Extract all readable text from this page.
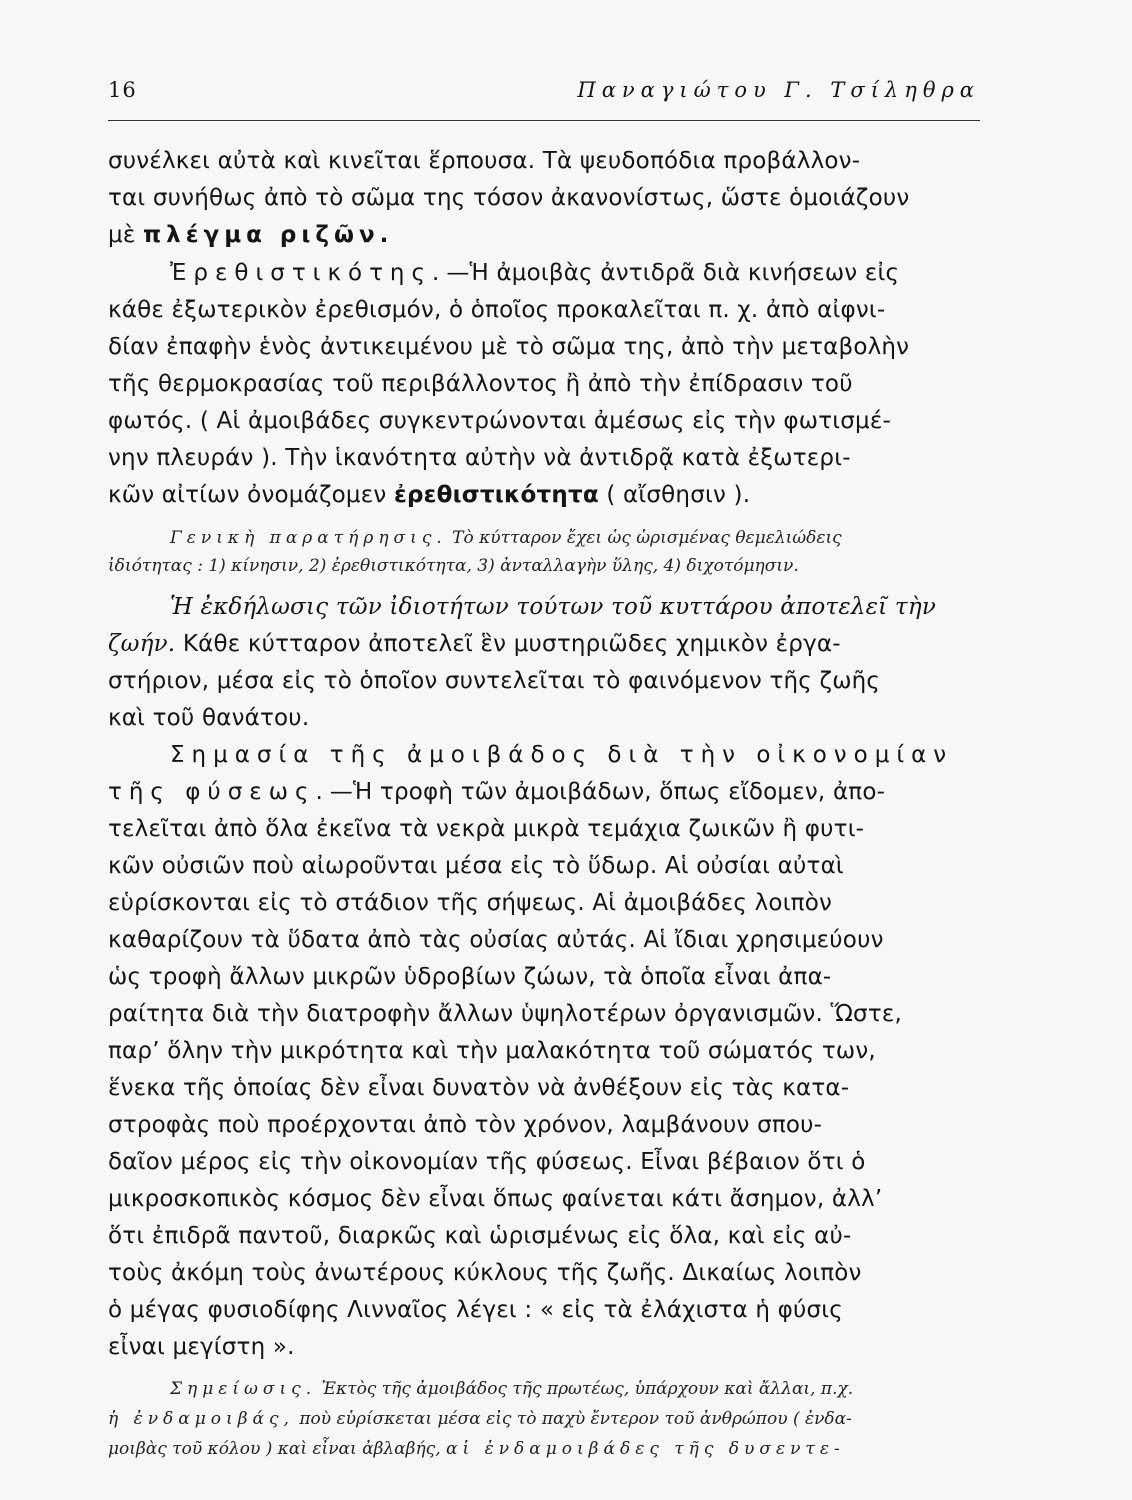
16	Παναγιώτου Γ. Τσίληθρα
συνέλκει αὐτὰ καὶ κινεῖται ἕρπουσα. Τὰ ψευδοπόδια προβάλλον-
ται συνήθως ἀπὸ τὸ σῶμα της τόσον ἀκανονίστως, ὥστε ὁμοιάζουν
μὲ πλέγμα ριζῶν.
Ἐρεθιστικότης.—Ἡ ἀμοιβὰς ἀντιδρᾶ διὰ κινήσεων εἰς
κάθε ἐξωτερικὸν ἐρεθισμόν, ὁ ὁποῖος προκαλεῖται π. χ. ἀπὸ αἰφνι-
δίαν ἐπαφὴν ἑνὸς ἀντικειμένου μὲ τὸ σῶμα της, ἀπὸ τὴν μεταβολὴν
τῆς θερμοκρασίας τοῦ περιβάλλοντος ἢ ἀπὸ τὴν ἐπίδρασιν τοῦ
φωτός. ( Αἱ ἀμοιβάδες συγκεντρώνονται ἀμέσως εἰς τὴν φωτισμέ-
νην πλευράν ). Τὴν ἱκανότητα αὐτὴν νὰ ἀντιδρᾷ κατὰ ἐξωτερι-
κῶν αἰτίων ὀνομάζομεν ἐρεθιστικότητα ( αἴσθησιν ).
Γενικὴ παρατήρησις. Τὸ κύτταρον ἔχει ὡς ὡρισμένας θεμελιώδεις
ἰδιότητας : 1) κίνησιν, 2) ἐρεθιστικότητα, 3) ἀνταλλαγὴν ὕλης, 4) διχοτόμησιν.
Ἡ ἐκδήλωσις τῶν ἰδιοτήτων τούτων τοῦ κυττάρου ἀποτελεῖ τὴν
ζωήν. Κάθε κύτταρον ἀποτελεῖ ἓν μυστηριῶδες χημικὸν ἐργα-
στήριον, μέσα εἰς τὸ ὁποῖον συντελεῖται τὸ φαινόμενον τῆς ζωῆς
καὶ τοῦ θανάτου.
Σημασία τῆς ἀμοιβάδος διὰ τὴν οἰκονομίαν
τῆς φύσεως.—Ἡ τροφὴ τῶν ἀμοιβάδων, ὅπως εἴδομεν, ἀπο-
τελεῖται ἀπὸ ὅλα ἐκεῖνα τὰ νεκρὰ μικρὰ τεμάχια ζωικῶν ἢ φυτι-
κῶν οὐσιῶν ποὺ αἰωροῦνται μέσα εἰς τὸ ὕδωρ. Αἱ οὐσίαι αὐταὶ
εὑρίσκονται εἰς τὸ στάδιον τῆς σήψεως. Αἱ ἀμοιβάδες λοιπὸν
καθαρίζουν τὰ ὕδατα ἀπὸ τὰς οὐσίας αὐτάς. Αἱ ἴδιαι χρησιμεύουν
ὡς τροφὴ ἄλλων μικρῶν ὑδροβίων ζώων, τὰ ὁποῖα εἶναι ἀπα-
ραίτητα διὰ τὴν διατροφὴν ἄλλων ὑψηλοτέρων ὀργανισμῶν. Ὥστε,
παρ’ ὅλην τὴν μικρότητα καὶ τὴν μαλακότητα τοῦ σώματός των,
ἕνεκα τῆς ὁποίας δὲν εἶναι δυνατὸν νὰ ἀνθέξουν εἰς τὰς κατα-
στροφὰς ποὺ προέρχονται ἀπὸ τὸν χρόνον, λαμβάνουν σπου-
δαῖον μέρος εἰς τὴν οἰκονομίαν τῆς φύσεως. Εἶναι βέβαιον ὅτι ὁ
μικροσκοπικὸς κόσμος δὲν εἶναι ὅπως φαίνεται κάτι ἄσημον, ἀλλ’
ὅτι ἐπιδρᾶ παντοῦ, διαρκῶς καὶ ὡρισμένως εἰς ὅλα, καὶ εἰς αὐ-
τοὺς ἀκόμη τοὺς ἀνωτέρους κύκλους τῆς ζωῆς. Δικαίως λοιπὸν
ὁ μέγας φυσιοδίφης Λινναῖος λέγει : « εἰς τὰ ἐλάχιστα ἡ φύσις
εἶναι μεγίστη ».
Σημείωσις. Ἐκτὸς τῆς ἀμοιβάδος τῆς πρωτέως, ὑπάρχουν καὶ ἄλλαι, π.χ.
ἡ ἐνδαμοιβάς, ποὺ εὑρίσκεται μέσα εἰς τὸ παχὺ ἔντερον τοῦ ἀνθρώπου ( ἐνδα-
μοιβὰς τοῦ κόλου ) καὶ εἶναι ἀβλαβής, αἱ ἐνδαμοιβάδες τῆς δυσεντε-
